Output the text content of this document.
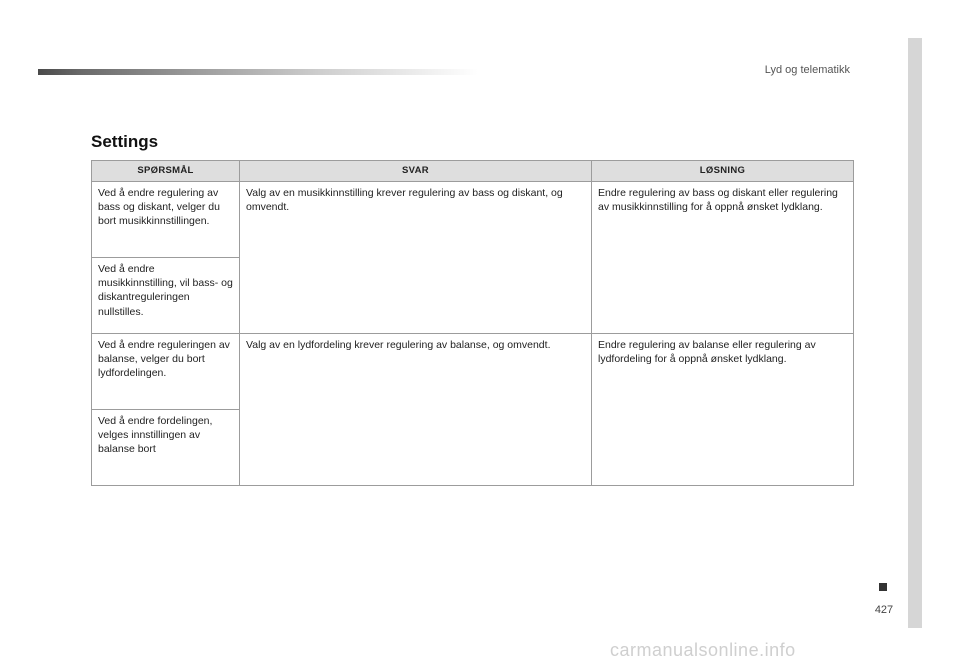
Lyd og telematikk
427
Settings
SPØRSMÅL	SVAR	LØSNING
Ved å endre regulering av bass og diskant, velger du bort musikkinnstillingen.	Valg av en musikkinnstilling krever regulering av bass og diskant, og omvendt.	Endre regulering av bass og diskant eller regulering av musikkinnstilling for å oppnå ønsket lydklang.
Ved å endre musikkinnstilling, vil bass- og diskantreguleringen nullstilles.		
Ved å endre reguleringen av balanse, velger du bort lydfordelingen.	Valg av en lydfordeling krever regulering av balanse, og omvendt.	Endre regulering av balanse eller regulering av lydfordeling for å oppnå ønsket lydklang.
Ved å endre fordelingen, velges innstillingen av balanse bort		
carmanualsonline.info
